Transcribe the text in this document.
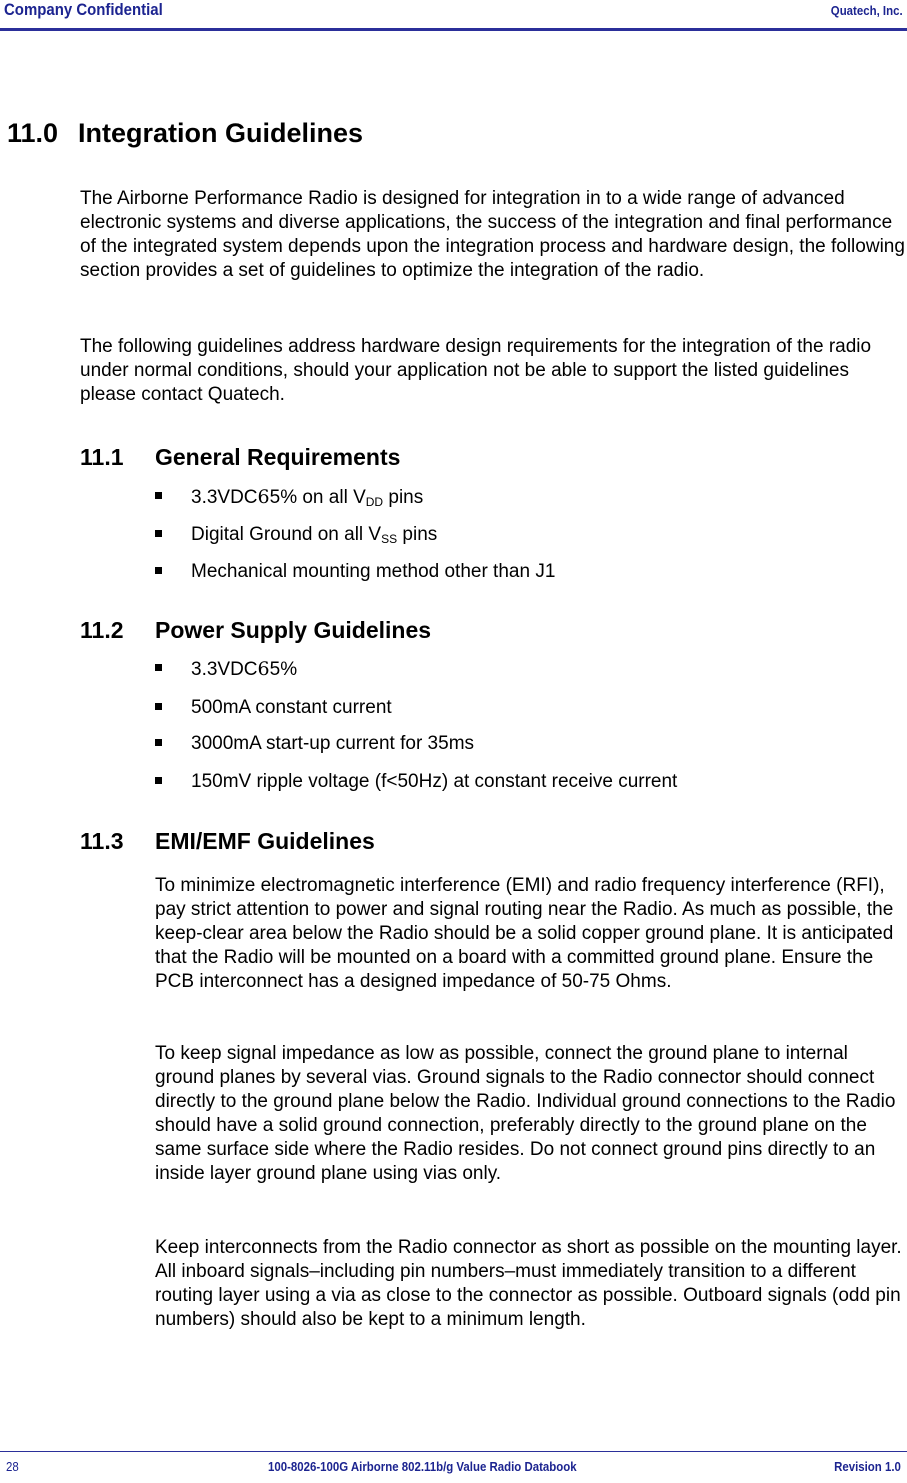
Company Confidential	Quatech, Inc.
11.0 Integration Guidelines

The Airborne Performance Radio is designed for integration in to a wide range of advanced electronic systems and diverse applications, the success of the integration and final performance of the integrated system depends upon the integration process and hardware design, the following section provides a set of guidelines to optimize the integration of the radio.

The following guidelines address hardware design requirements for the integration of the radio under normal conditions, should your application not be able to support the listed guidelines please contact Quatech.

11.1 General Requirements
3.3VDC65% on all $V_{DD}$ pins
Digital Ground on all $V_{SS}$ pins
Mechanical mounting method other than J1
11.2 Power Supply Guidelines
3.3VDC65%
500mA constant current
3000mA start-up current for 35ms
150mV ripple voltage (f<50Hz) at constant receive current
11.3 EMI/EMF Guidelines

To minimize electromagnetic interference (EMI) and radio frequency interference (RFI), pay strict attention to power and signal routing near the Radio. As much as possible, the keep-clear area below the Radio should be a solid copper ground plane. It is anticipated that the Radio will be mounted on a board with a committed ground plane. Ensure the PCB interconnect has a designed impedance of 50-75 Ohms.

To keep signal impedance as low as possible, connect the ground plane to internal ground planes by several vias. Ground signals to the Radio connector should connect directly to the ground plane below the Radio. Individual ground connections to the Radio should have a solid ground connection, preferably directly to the ground plane on the same surface side where the Radio resides. Do not connect ground pins directly to an inside layer ground plane using vias only.

Keep interconnects from the Radio connector as short as possible on the mounting layer. All inboard signals–including pin numbers–must immediately transition to a different routing layer using a via as close to the connector as possible. Outboard signals (odd pin numbers) should also be kept to a minimum length.

28	100-8026-100G Airborne 802.11b/g Value Radio Databook	Revision 1.0
